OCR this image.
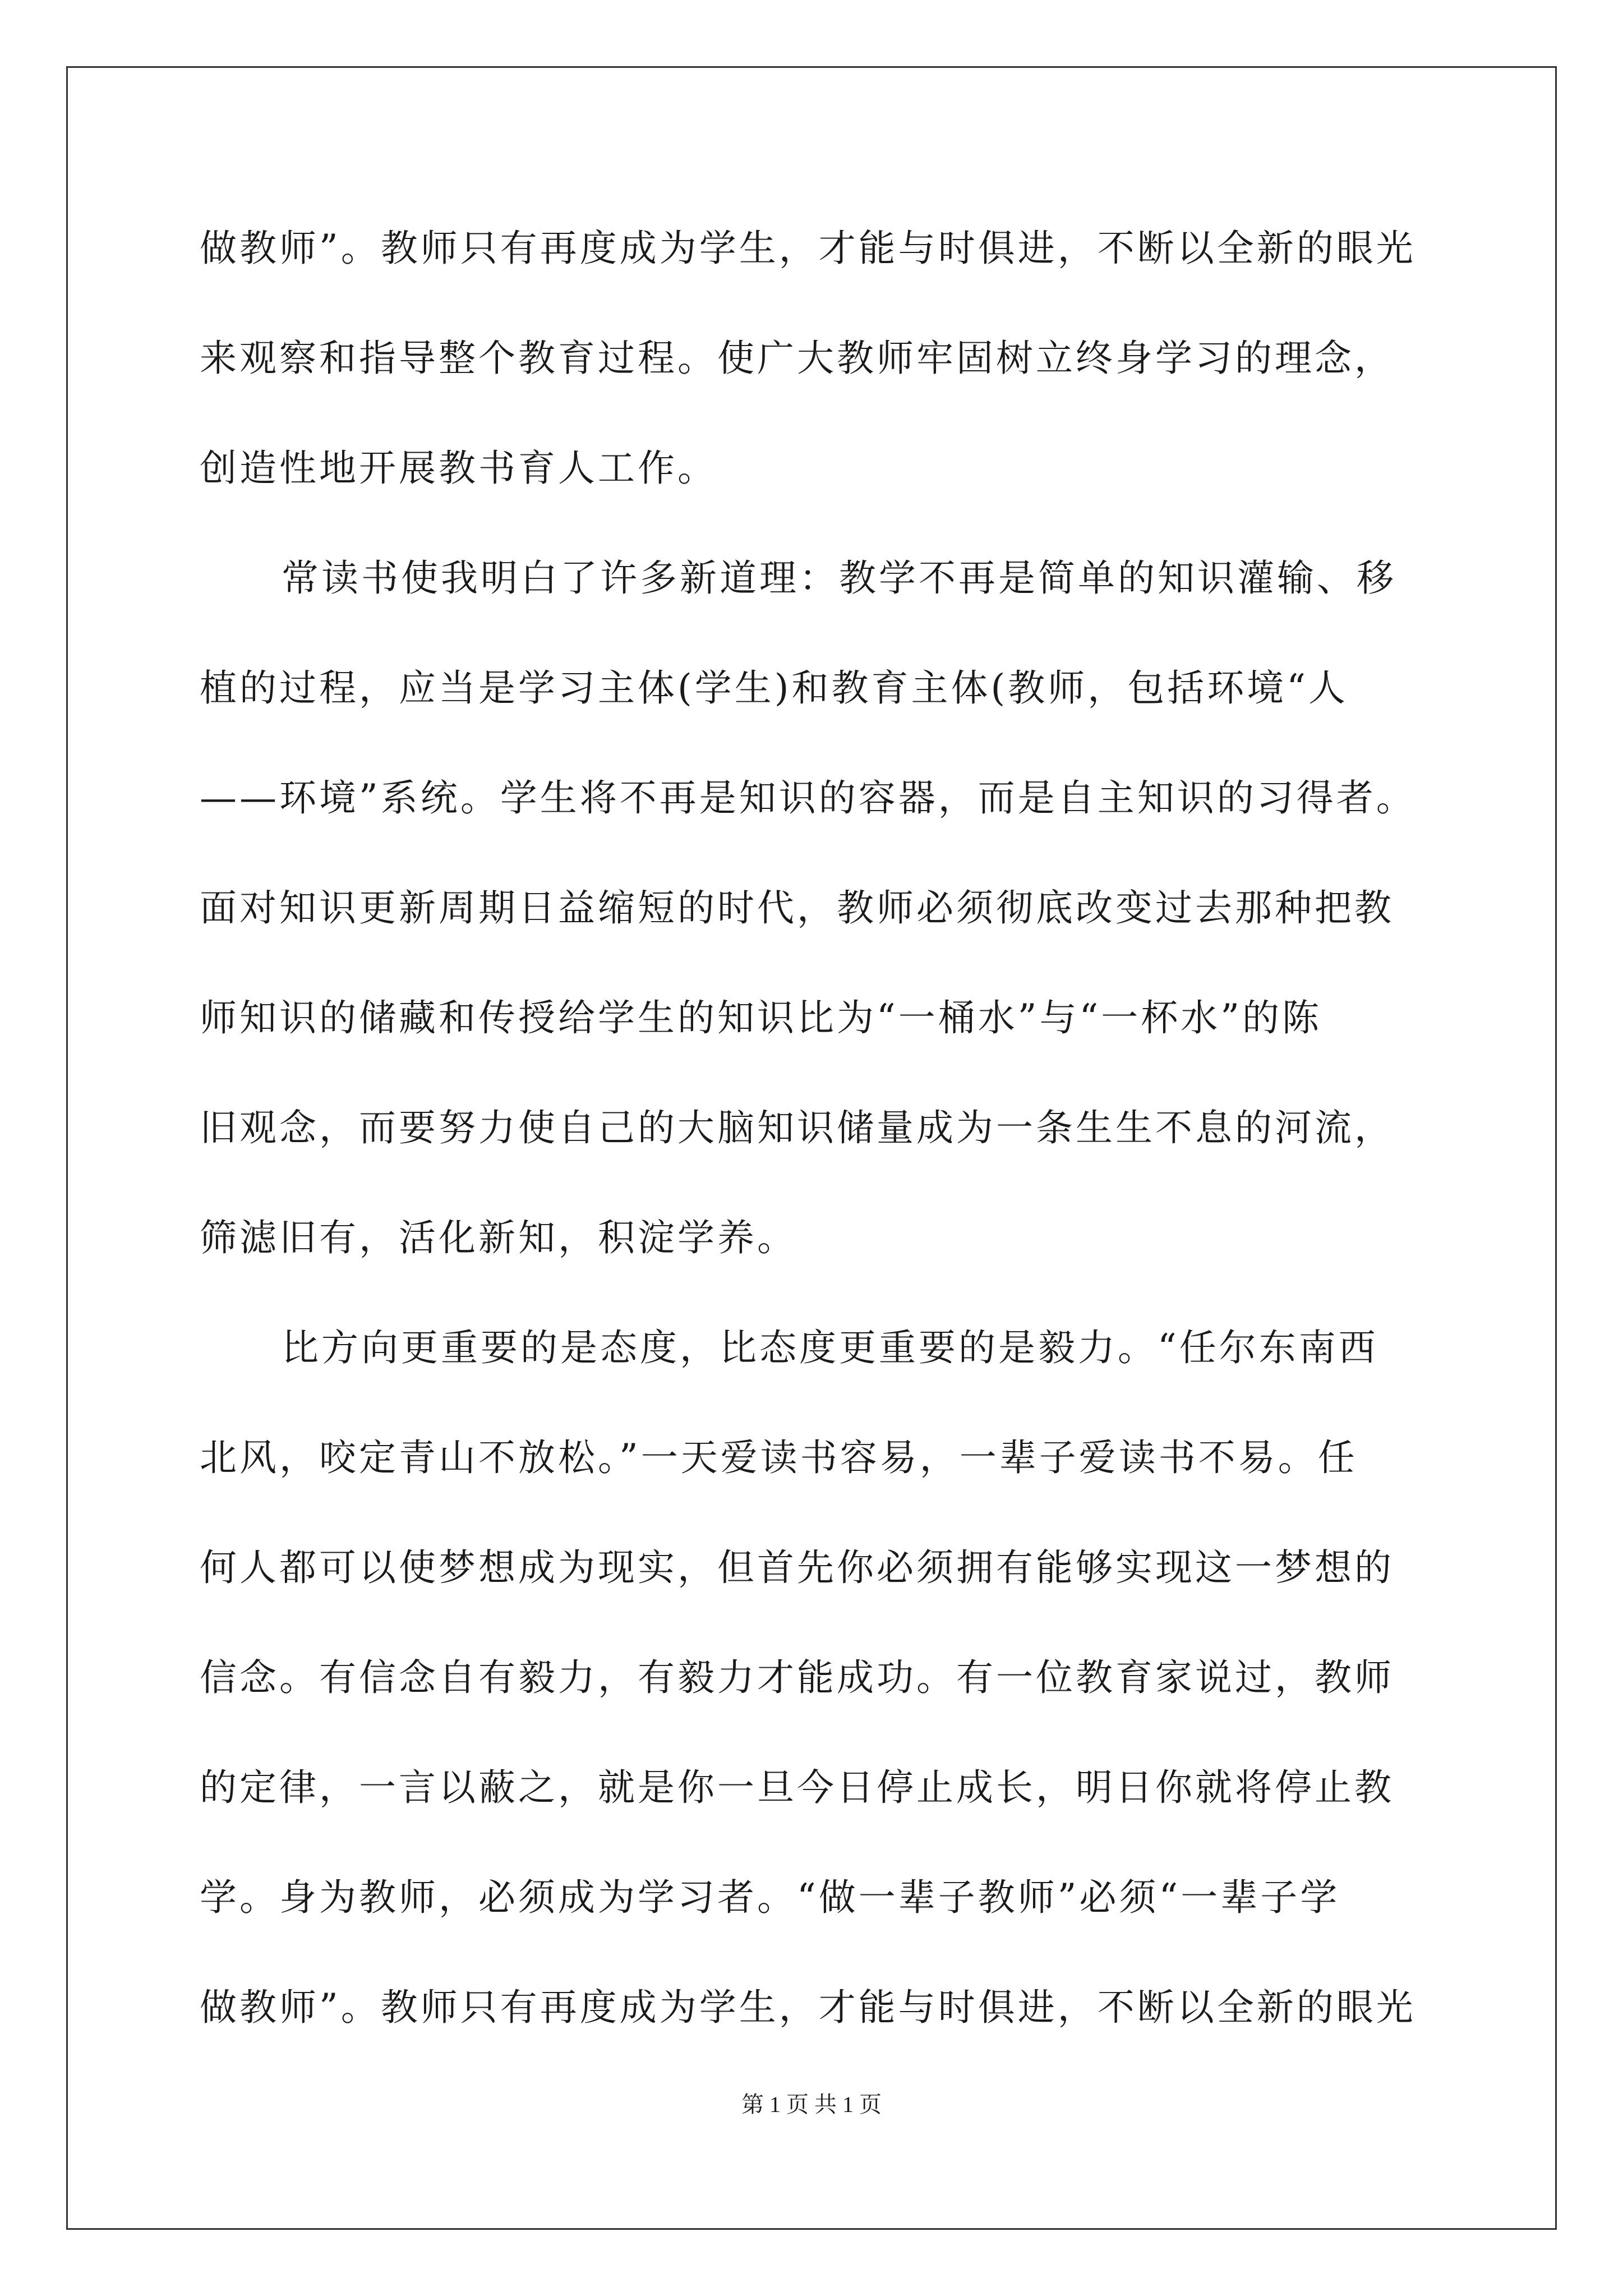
做教师”。教师只有再度成为学生，才能与时俱进，不断以全新的眼光
来观察和指导整个教育过程。使广大教师牢固树立终身学习的理念，
创造性地开展教书育人工作。
常读书使我明白了许多新道理：教学不再是简单的知识灌输、移
植的过程，应当是学习主体(学生)和教育主体(教师，包括环境“人
——环境”系统。学生将不再是知识的容器，而是自主知识的习得者。
面对知识更新周期日益缩短的时代，教师必须彻底改变过去那种把教
师知识的储藏和传授给学生的知识比为“一桶水”与“一杯水”的陈
旧观念，而要努力使自己的大脑知识储量成为一条生生不息的河流，
筛滤旧有，活化新知，积淀学养。
比方向更重要的是态度，比态度更重要的是毅力。“任尔东南西
北风，咬定青山不放松。”一天爱读书容易，一辈子爱读书不易。任
何人都可以使梦想成为现实，但首先你必须拥有能够实现这一梦想的
信念。有信念自有毅力，有毅力才能成功。有一位教育家说过，教师
的定律，一言以蔽之，就是你一旦今日停止成长，明日你就将停止教
学。身为教师，必须成为学习者。“做一辈子教师”必须“一辈子学
做教师”。教师只有再度成为学生，才能与时俱进，不断以全新的眼光
第 1 页 共 1 页
